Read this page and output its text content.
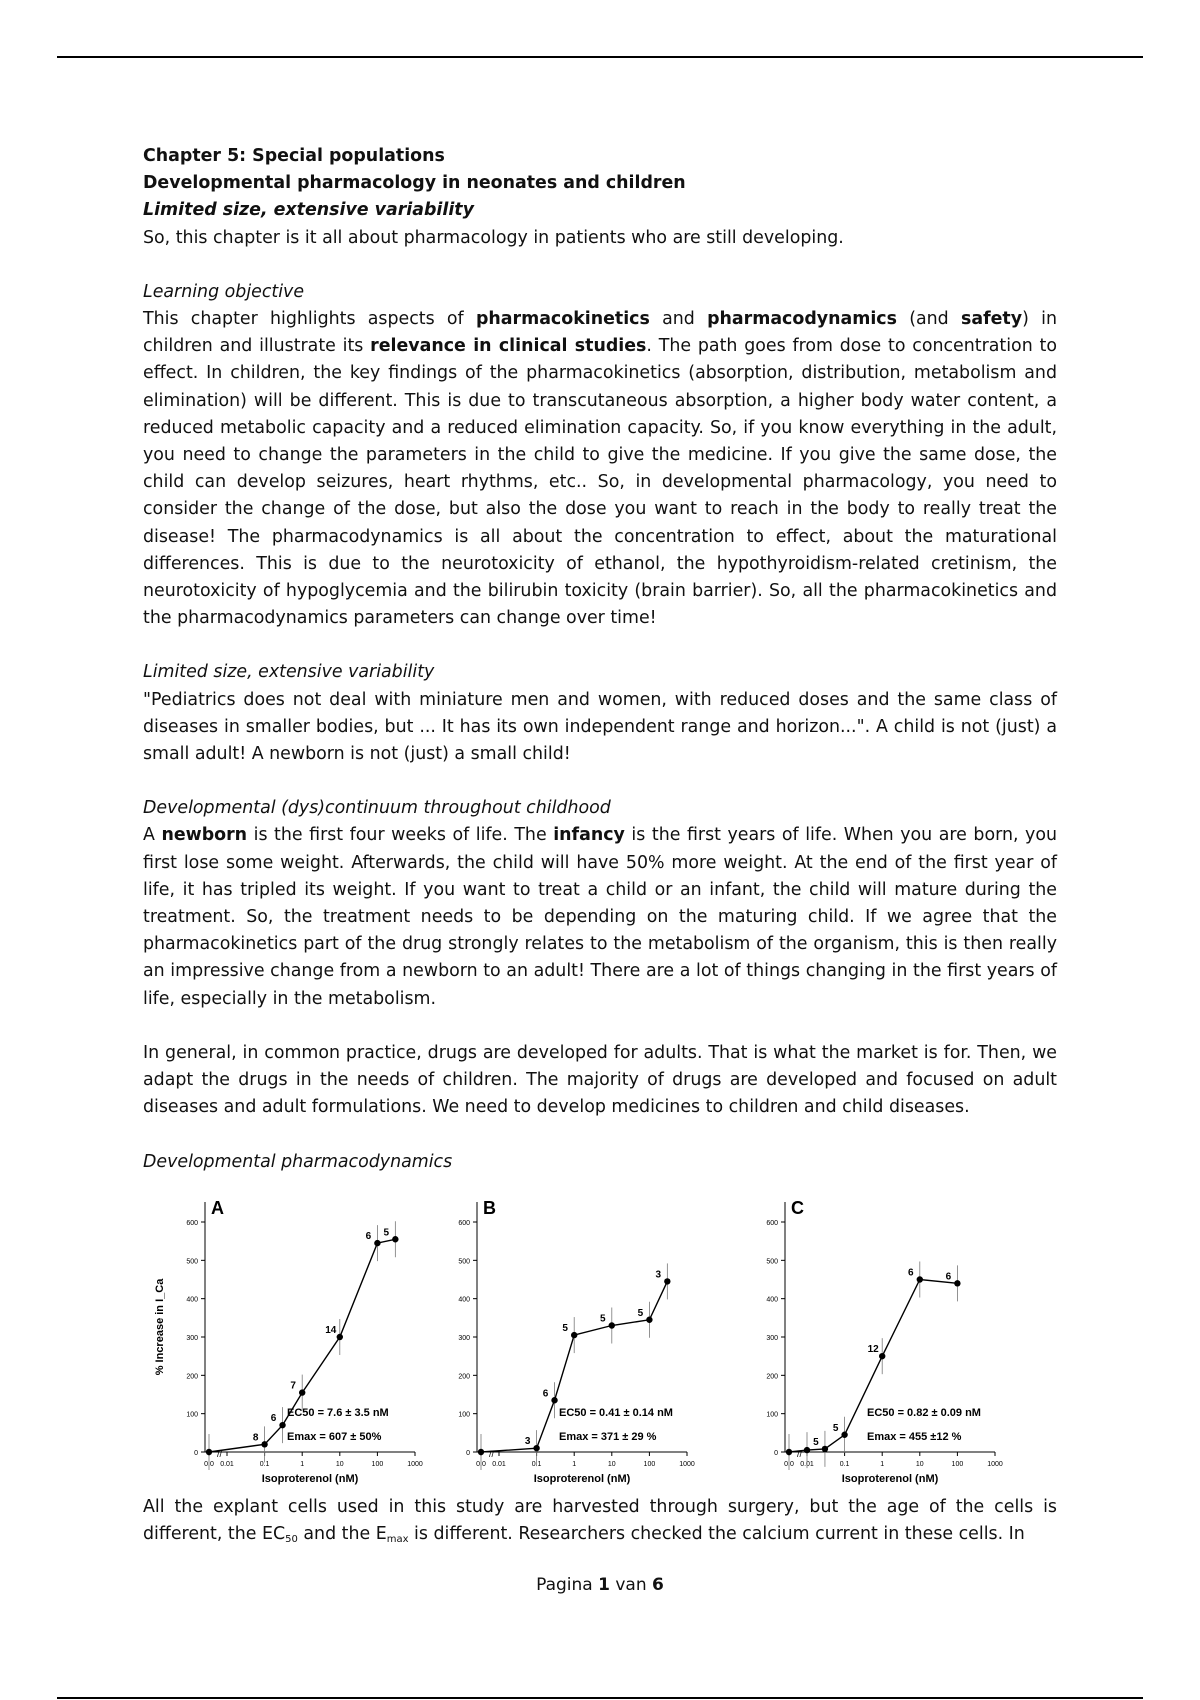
Chapter 5: Special populations

Developmental pharmacology in neonates and children

Limited size, extensive variability

So, this chapter is it all about pharmacology in patients who are still developing.

Learning objective

This chapter highlights aspects of pharmacokinetics and pharmacodynamics (and safety) in children and illustrate its relevance in clinical studies. The path goes from dose to concentration to effect. In children, the key findings of the pharmacokinetics (absorption, distribution, metabolism and elimination) will be different. This is due to transcutaneous absorption, a higher body water content, a reduced metabolic capacity and a reduced elimination capacity. So, if you know everything in the adult, you need to change the parameters in the child to give the medicine. If you give the same dose, the child can develop seizures, heart rhythms, etc.. So, in developmental pharmacology, you need to consider the change of the dose, but also the dose you want to reach in the body to really treat the disease! The pharmacodynamics is all about the concentration to effect, about the maturational differences. This is due to the neurotoxicity of ethanol, the hypothyroidism-related cretinism, the neurotoxicity of hypoglycemia and the bilirubin toxicity (brain barrier). So, all the pharmacokinetics and the pharmacodynamics parameters can change over time!

Limited size, extensive variability

"Pediatrics does not deal with miniature men and women, with reduced doses and the same class of diseases in smaller bodies, but ... It has its own independent range and horizon...". A child is not (just) a small adult! A newborn is not (just) a small child!

Developmental (dys)continuum throughout childhood

A newborn is the first four weeks of life. The infancy is the first years of life. When you are born, you first lose some weight. Afterwards, the child will have 50% more weight. At the end of the first year of life, it has tripled its weight. If you want to treat a child or an infant, the child will mature during the treatment. So, the treatment needs to be depending on the maturing child. If we agree that the pharmacokinetics part of the drug strongly relates to the metabolism of the organism, this is then really an impressive change from a newborn to an adult! There are a lot of things changing in the first years of life, especially in the metabolism.

In general, in common practice, drugs are developed for adults. That is what the market is for. Then, we adapt the drugs in the needs of children. The majority of drugs are developed and focused on adult diseases and adult formulations. We need to develop medicines to children and child diseases.

Developmental pharmacodynamics

A
0
100
200
300
400
500
600
0.0 0.01	0.1	1	10	100	1000
//
Isoproterenol (nM)
% Increase in I_Ca
8
6
7
14
6 5
EC50 = 7.6 ± 3.5 nM
Emax = 607 ± 50%
B
0
100
200
300
400
500
600
0.0 0.01	0.1	1	10	100	1000
//
Isoproterenol (nM)
3
6
5
5
5
3
EC50 = 0.41 ± 0.14 nM
Emax = 371 ± 29 %
C
0
100
200
300
400
500
600
0.0 0.01	0.1	1	10	100	1000
//
Isoproterenol (nM)
5
5
12
6	6
EC50 = 0.82 ± 0.09 nM
Emax = 455 ±12 %

All the explant cells used in this study are harvested through surgery, but the age of the cells is different, the $EC_{50}$ and the $E_{max}$ is different. Researchers checked the calcium current in these cells. In

Pagina 1 van 6
